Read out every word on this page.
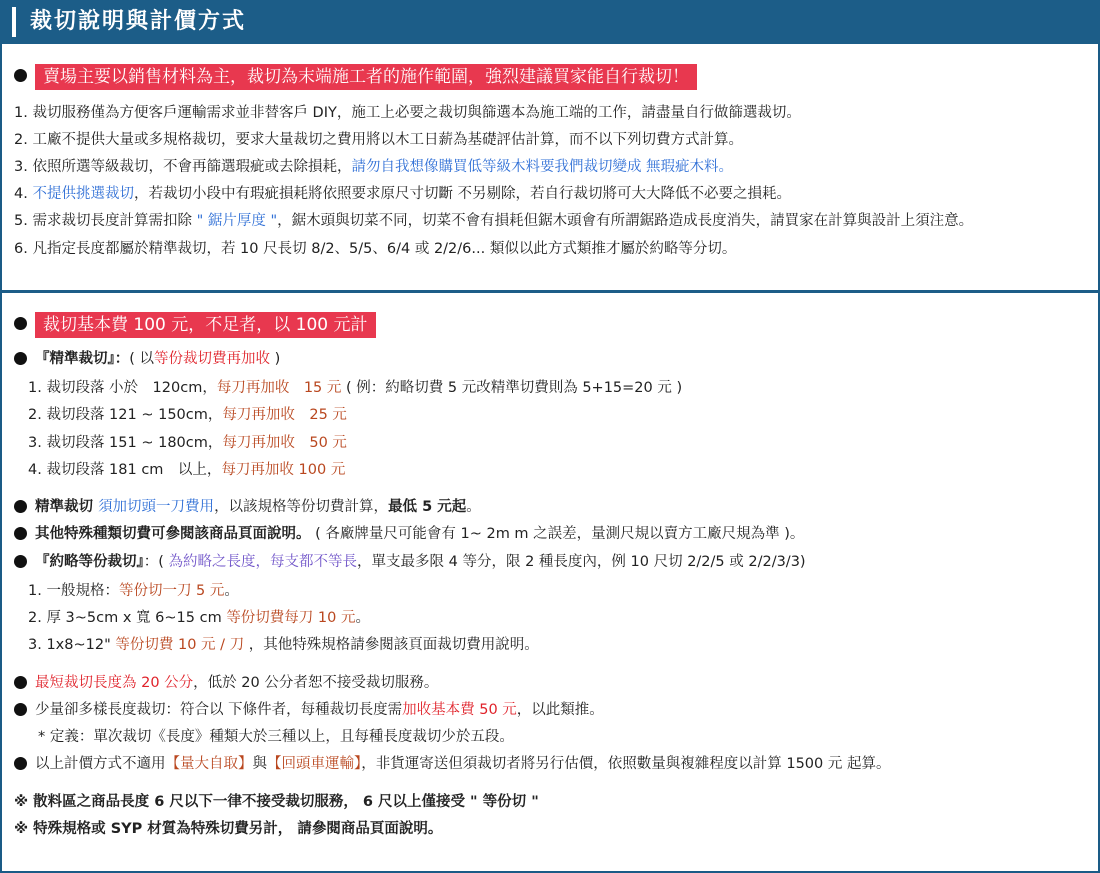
裁切說明與計價方式
賣場主要以銷售材料為主，裁切為末端施工者的施作範圍，強烈建議買家能自行裁切！
1. 裁切服務僅為方便客戶運輸需求並非替客戶 DIY，施工上必要之裁切與篩選本為施工端的工作，請盡量自行做篩選裁切。
2. 工廠不提供大量或多規格裁切，要求大量裁切之費用將以木工日薪為基礎評估計算，而不以下列切費方式計算。
3. 依照所選等級裁切，不會再篩選瑕疵或去除損耗，請勿自我想像購買低等級木料要我們裁切變成 無瑕疵木料。
4. 不提供挑選裁切，若裁切小段中有瑕疵損耗將依照要求原尺寸切斷 不另剔除，若自行裁切將可大大降低不必要之損耗。
5. 需求裁切長度計算需扣除 " 鋸片厚度 "，鋸木頭與切菜不同，切菜不會有損耗但鋸木頭會有所謂鋸路造成長度消失，請買家在計算與設計上須注意。
6. 凡指定長度都屬於精準裁切，若 10 尺長切 8/2、5/5、6/4 或 2/2/6... 類似以此方式類推才屬於約略等分切。
裁切基本費 100 元，不足者，以 100 元計
『精準裁切』：( 以等份裁切費再加收 )
1. 裁切段落 小於　120cm，每刀再加收　15 元 ( 例：約略切費 5 元改精準切費則為 5+15=20 元 )
2. 裁切段落 121 ~ 150cm，每刀再加收　25 元
3. 裁切段落 151 ~ 180cm，每刀再加收　50 元
4. 裁切段落 181 cm　以上，每刀再加收 100 元
精準裁切 須加切頭一刀費用，以該規格等份切費計算，最低 5 元起。
其他特殊種類切費可參閱該商品頁面說明。 ( 各廠牌量尺可能會有 1~ 2m m 之誤差，量測尺規以賣方工廠尺規為準 )。
『約略等份裁切』：( 為約略之長度，每支都不等長，單支最多限 4 等分，限 2 種長度內，例 10 尺切 2/2/5 或 2/2/3/3)
1. 一般規格：等份切一刀 5 元。
2. 厚 3~5cm x 寬 6~15 cm 等份切費每刀 10 元。
3. 1x8~12" 等份切費 10 元 / 刀 ，其他特殊規格請參閱該頁面裁切費用說明。
最短裁切長度為 20 公分，低於 20 公分者恕不接受裁切服務。
少量卻多樣長度裁切：符合以 下條件者，每種裁切長度需加收基本費 50 元，以此類推。
* 定義：單次裁切《長度》種類大於三種以上，且每種長度裁切少於五段。
以上計價方式不適用【量大自取】與【回頭車運輸】，非貨運寄送但須裁切者將另行估價，依照數量與複雜程度以計算 1500 元 起算。
※ 散料區之商品長度 6 尺以下一律不接受裁切服務， 6 尺以上僅接受 " 等份切 "
※ 特殊規格或 SYP 材質為特殊切費另計， 請參閱商品頁面說明。
